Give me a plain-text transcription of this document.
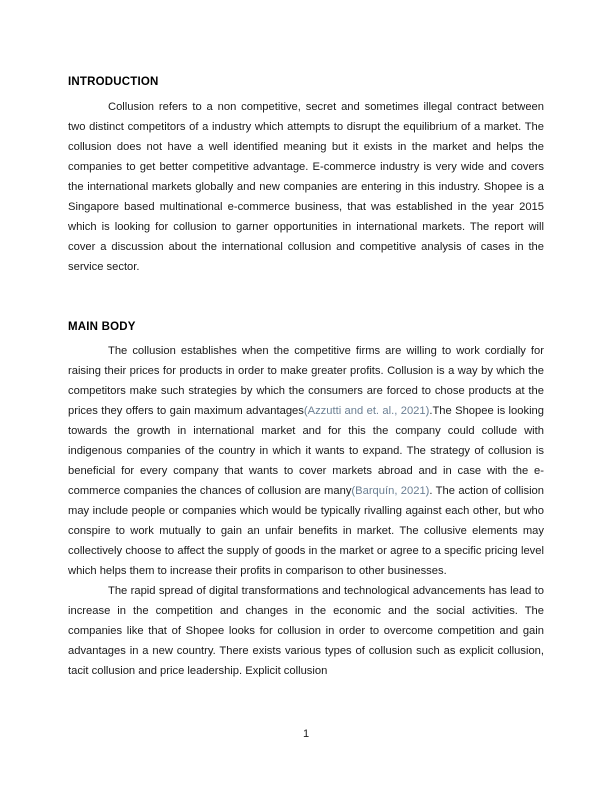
INTRODUCTION

Collusion refers to a non competitive, secret and sometimes illegal contract between two distinct competitors of a industry which attempts to disrupt the equilibrium of a market. The collusion does not have a well identified meaning but it exists in the market and helps the companies to get better competitive advantage. E-commerce industry is very wide and covers the international markets globally and new companies are entering in this industry. Shopee is a Singapore based multinational e-commerce business, that was established in the year 2015 which is looking for collusion to garner opportunities in international markets. The report will cover a discussion about the international collusion and competitive analysis of cases in the service sector.

MAIN BODY

The collusion establishes when the competitive firms are willing to work cordially for raising their prices for products in order to make greater profits. Collusion is a way by which the competitors make such strategies by which the consumers are forced to chose products at the prices they offers to gain maximum advantages(Azzutti and et. al., 2021).The Shopee is looking towards the growth in international market and for this the company could collude with indigenous companies of the country in which it wants to expand. The strategy of collusion is beneficial for every company that wants to cover markets abroad and in case with the e-commerce companies the chances of collusion are many(Barquín, 2021). The action of collision may include people or companies which would be typically rivalling against each other, but who conspire to work mutually to gain an unfair benefits in market. The collusive elements may collectively choose to affect the supply of goods in the market or agree to a specific pricing level which helps them to increase their profits in comparison to other businesses.

The rapid spread of digital transformations and technological advancements has lead to increase in the competition and changes in the economic and the social activities. The companies like that of Shopee looks for collusion in order to overcome competition and gain advantages in a new country. There exists various types of collusion such as explicit collusion, tacit collusion and price leadership. Explicit collusion

1
